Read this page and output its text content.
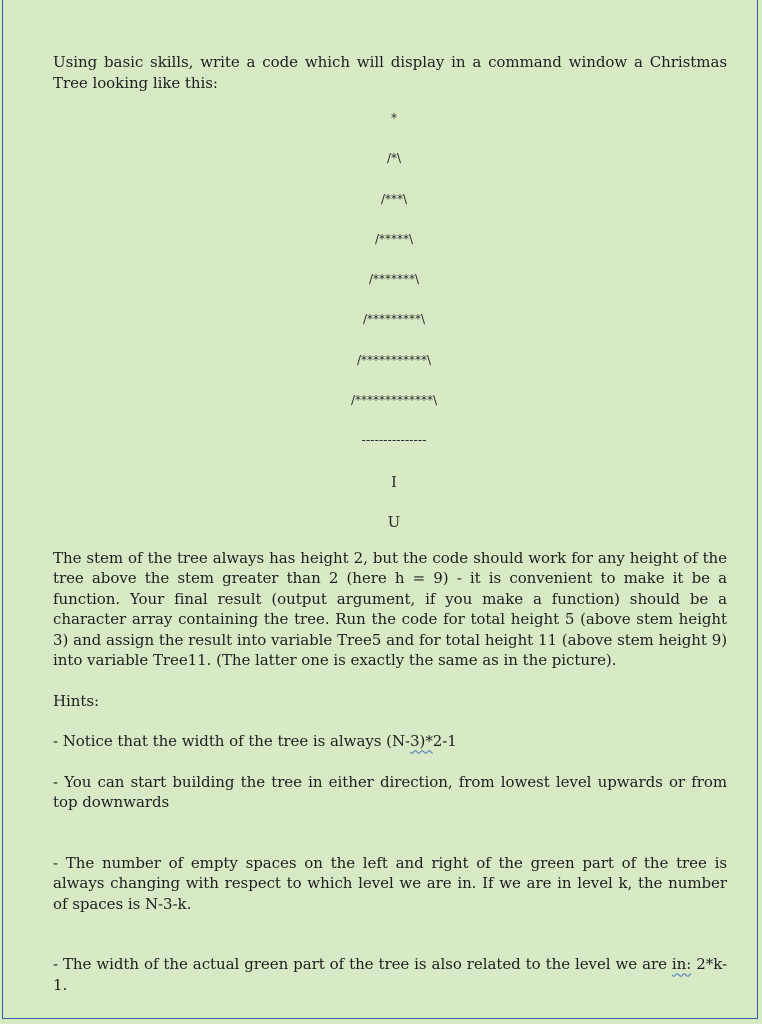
Using basic skills, write a code which will display in a command window a Christmas Tree looking like this:

*
/*\
/***\
/*****\
/*******\
/*********\
/***********\
/*************\
---------------
I
U

The stem of the tree always has height 2, but the code should work for any height of the tree above the stem greater than 2 (here h = 9) - it is convenient to make it be a function. Your final result (output argument, if you make a function) should be a character array containing the tree. Run the code for total height 5 (above stem height 3) and assign the result into variable Tree5 and for total height 11 (above stem height 9) into variable Tree11. (The latter one is exactly the same as in the picture).

Hints:

- Notice that the width of the tree is always (N-3)*2-1

- You can start building the tree in either direction, from lowest level upwards or from top downwards

- The number of empty spaces on the left and right of the green part of the tree is always changing with respect to which level we are in. If we are in level k, the number of spaces is N-3-k.

- The width of the actual green part of the tree is also related to the level we are in: 2*k-1.
